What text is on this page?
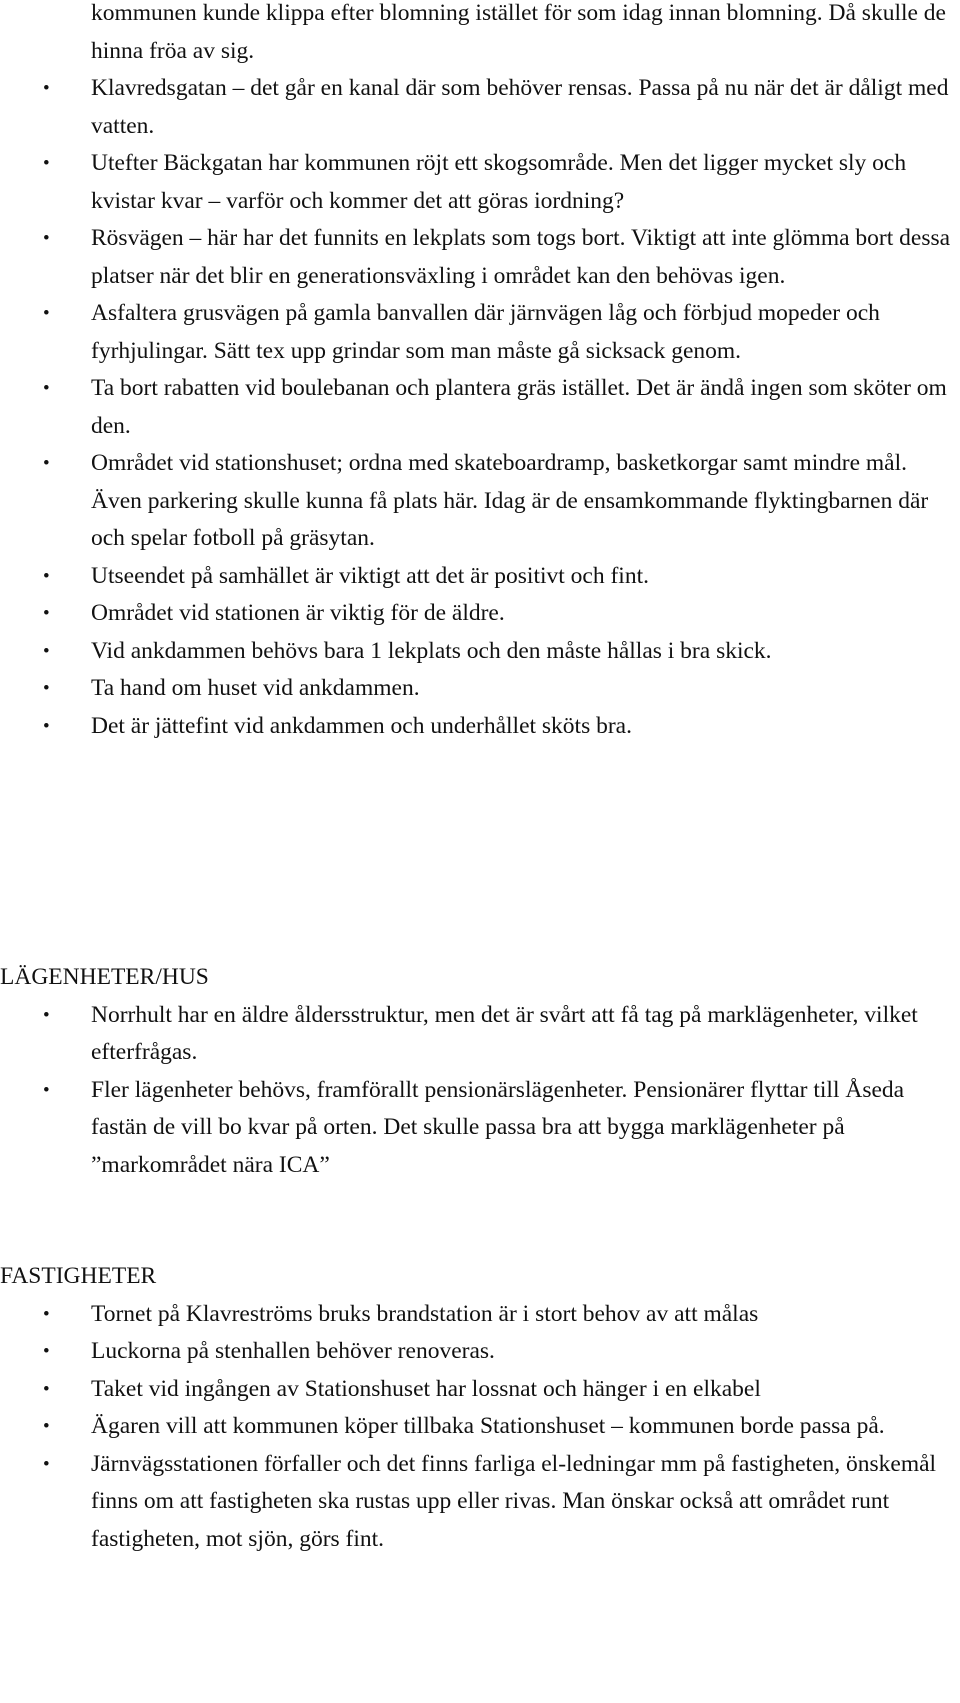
kommunen kunde klippa efter blomning istället för som idag innan blomning. Då skulle de hinna fröa av sig.
• Klavredsgatan – det går en kanal där som behöver rensas. Passa på nu när det är dåligt med vatten.
• Utefter Bäckgatan har kommunen röjt ett skogsområde. Men det ligger mycket sly och kvistar kvar – varför och kommer det att göras iordning?
• Rösvägen – här har det funnits en lekplats som togs bort. Viktigt att inte glömma bort dessa platser när det blir en generationsväxling i området kan den behövas igen.
• Asfaltera grusvägen på gamla banvallen där järnvägen låg och förbjud mopeder och fyrhjulingar. Sätt tex upp grindar som man måste gå sicksack genom.
• Ta bort rabatten vid boulebanan och plantera gräs istället. Det är ändå ingen som sköter om den.
• Området vid stationshuset; ordna med skateboardramp, basketkorgar samt mindre mål. Även parkering skulle kunna få plats här. Idag är de ensamkommande flyktingbarnen där och spelar fotboll på gräsytan.
• Utseendet på samhället är viktigt att det är positivt och fint.
• Området vid stationen är viktig för de äldre.
• Vid ankdammen behövs bara 1 lekplats och den måste hållas i bra skick.
• Ta hand om huset vid ankdammen.
• Det är jättefint vid ankdammen och underhållet sköts bra.
LÄGENHETER/HUS
• Norrhult har en äldre åldersstruktur, men det är svårt att få tag på marklägenheter, vilket efterfrågas.
• Fler lägenheter behövs, framförallt pensionärslägenheter. Pensionärer flyttar till Åseda fastän de vill bo kvar på orten. Det skulle passa bra att bygga marklägenheter på ”markområdet nära ICA”
FASTIGHETER
• Tornet på Klavreströms bruks brandstation är i stort behov av att målas
• Luckorna på stenhallen behöver renoveras.
• Taket vid ingången av Stationshuset har lossnat och hänger i en elkabel
• Ägaren vill att kommunen köper tillbaka Stationshuset – kommunen borde passa på.
• Järnvägsstationen förfaller och det finns farliga el-ledningar mm på fastigheten, önskemål finns om att fastigheten ska rustas upp eller rivas. Man önskar också att området runt fastigheten, mot sjön, görs fint.
